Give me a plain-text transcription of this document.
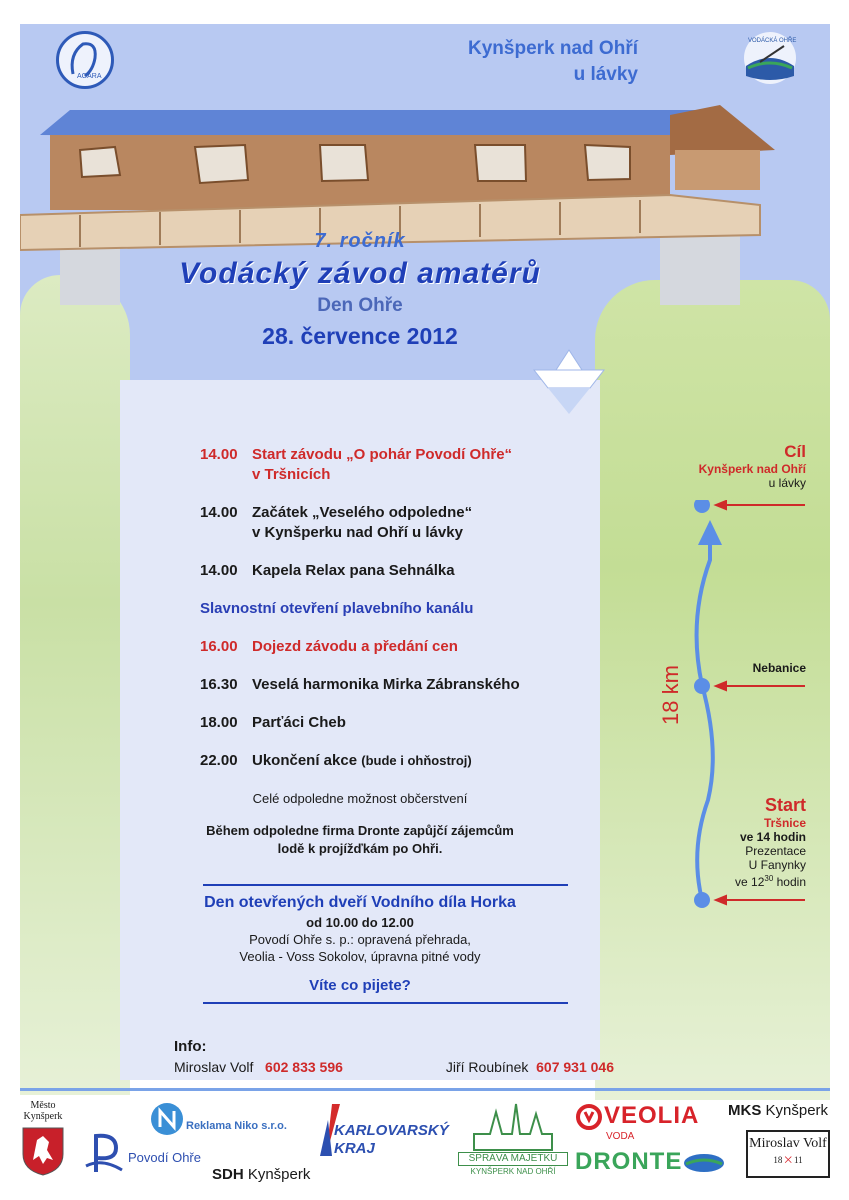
AGARA
Kynšperk nad Ohří
u lávky
VODÁCKÁ OHŘE
7. ročník
Vodácký závod amatérů
Den Ohře
28. července 2012
14.00 Start závodu „O pohár Povodí Ohře“
v Tršnicích
14.00 Začátek „Veselého odpoledne“
v Kynšperku nad Ohří u lávky
14.00 Kapela Relax pana Sehnálka
Slavnostní otevření plavebního kanálu
16.00 Dojezd závodu a předání cen
16.30 Veselá harmonika Mirka Zábranského
18.00 Parťáci Cheb
22.00 Ukončení akce (bude i ohňostroj)
Celé odpoledne možnost občerstvení
Během odpoledne firma Dronte zapůjčí zájemcům
lodě k projížďkám po Ohři.
Den otevřených dveří Vodního díla Horka
od 10.00 do 12.00
Povodí Ohře s. p.: opravená přehrada,
Veolia - Voss Sokolov, úpravna pitné vody
Víte co pijete?
Info:
Miroslav Volf 602 833 596	Jiří Roubínek 607 931 046
18 km
Cíl
Kynšperk nad Ohří
u lávky
Nebanice
Start
Tršnice
ve 14 hodin
Prezentace
U Fanynky
ve $12^{30}$ hodin
Město
Kynšperk
Povodí Ohře
Reklama Niko s.r.o.
SDH Kynšperk
KARLOVARSKÝ
KRAJ
SPRÁVA MAJETKU
KYNŠPERK NAD OHŘÍ
VEOLIA
VODA
DRONTE
MKS Kynšperk
Miroslav Volf
18 ⨉ 11
